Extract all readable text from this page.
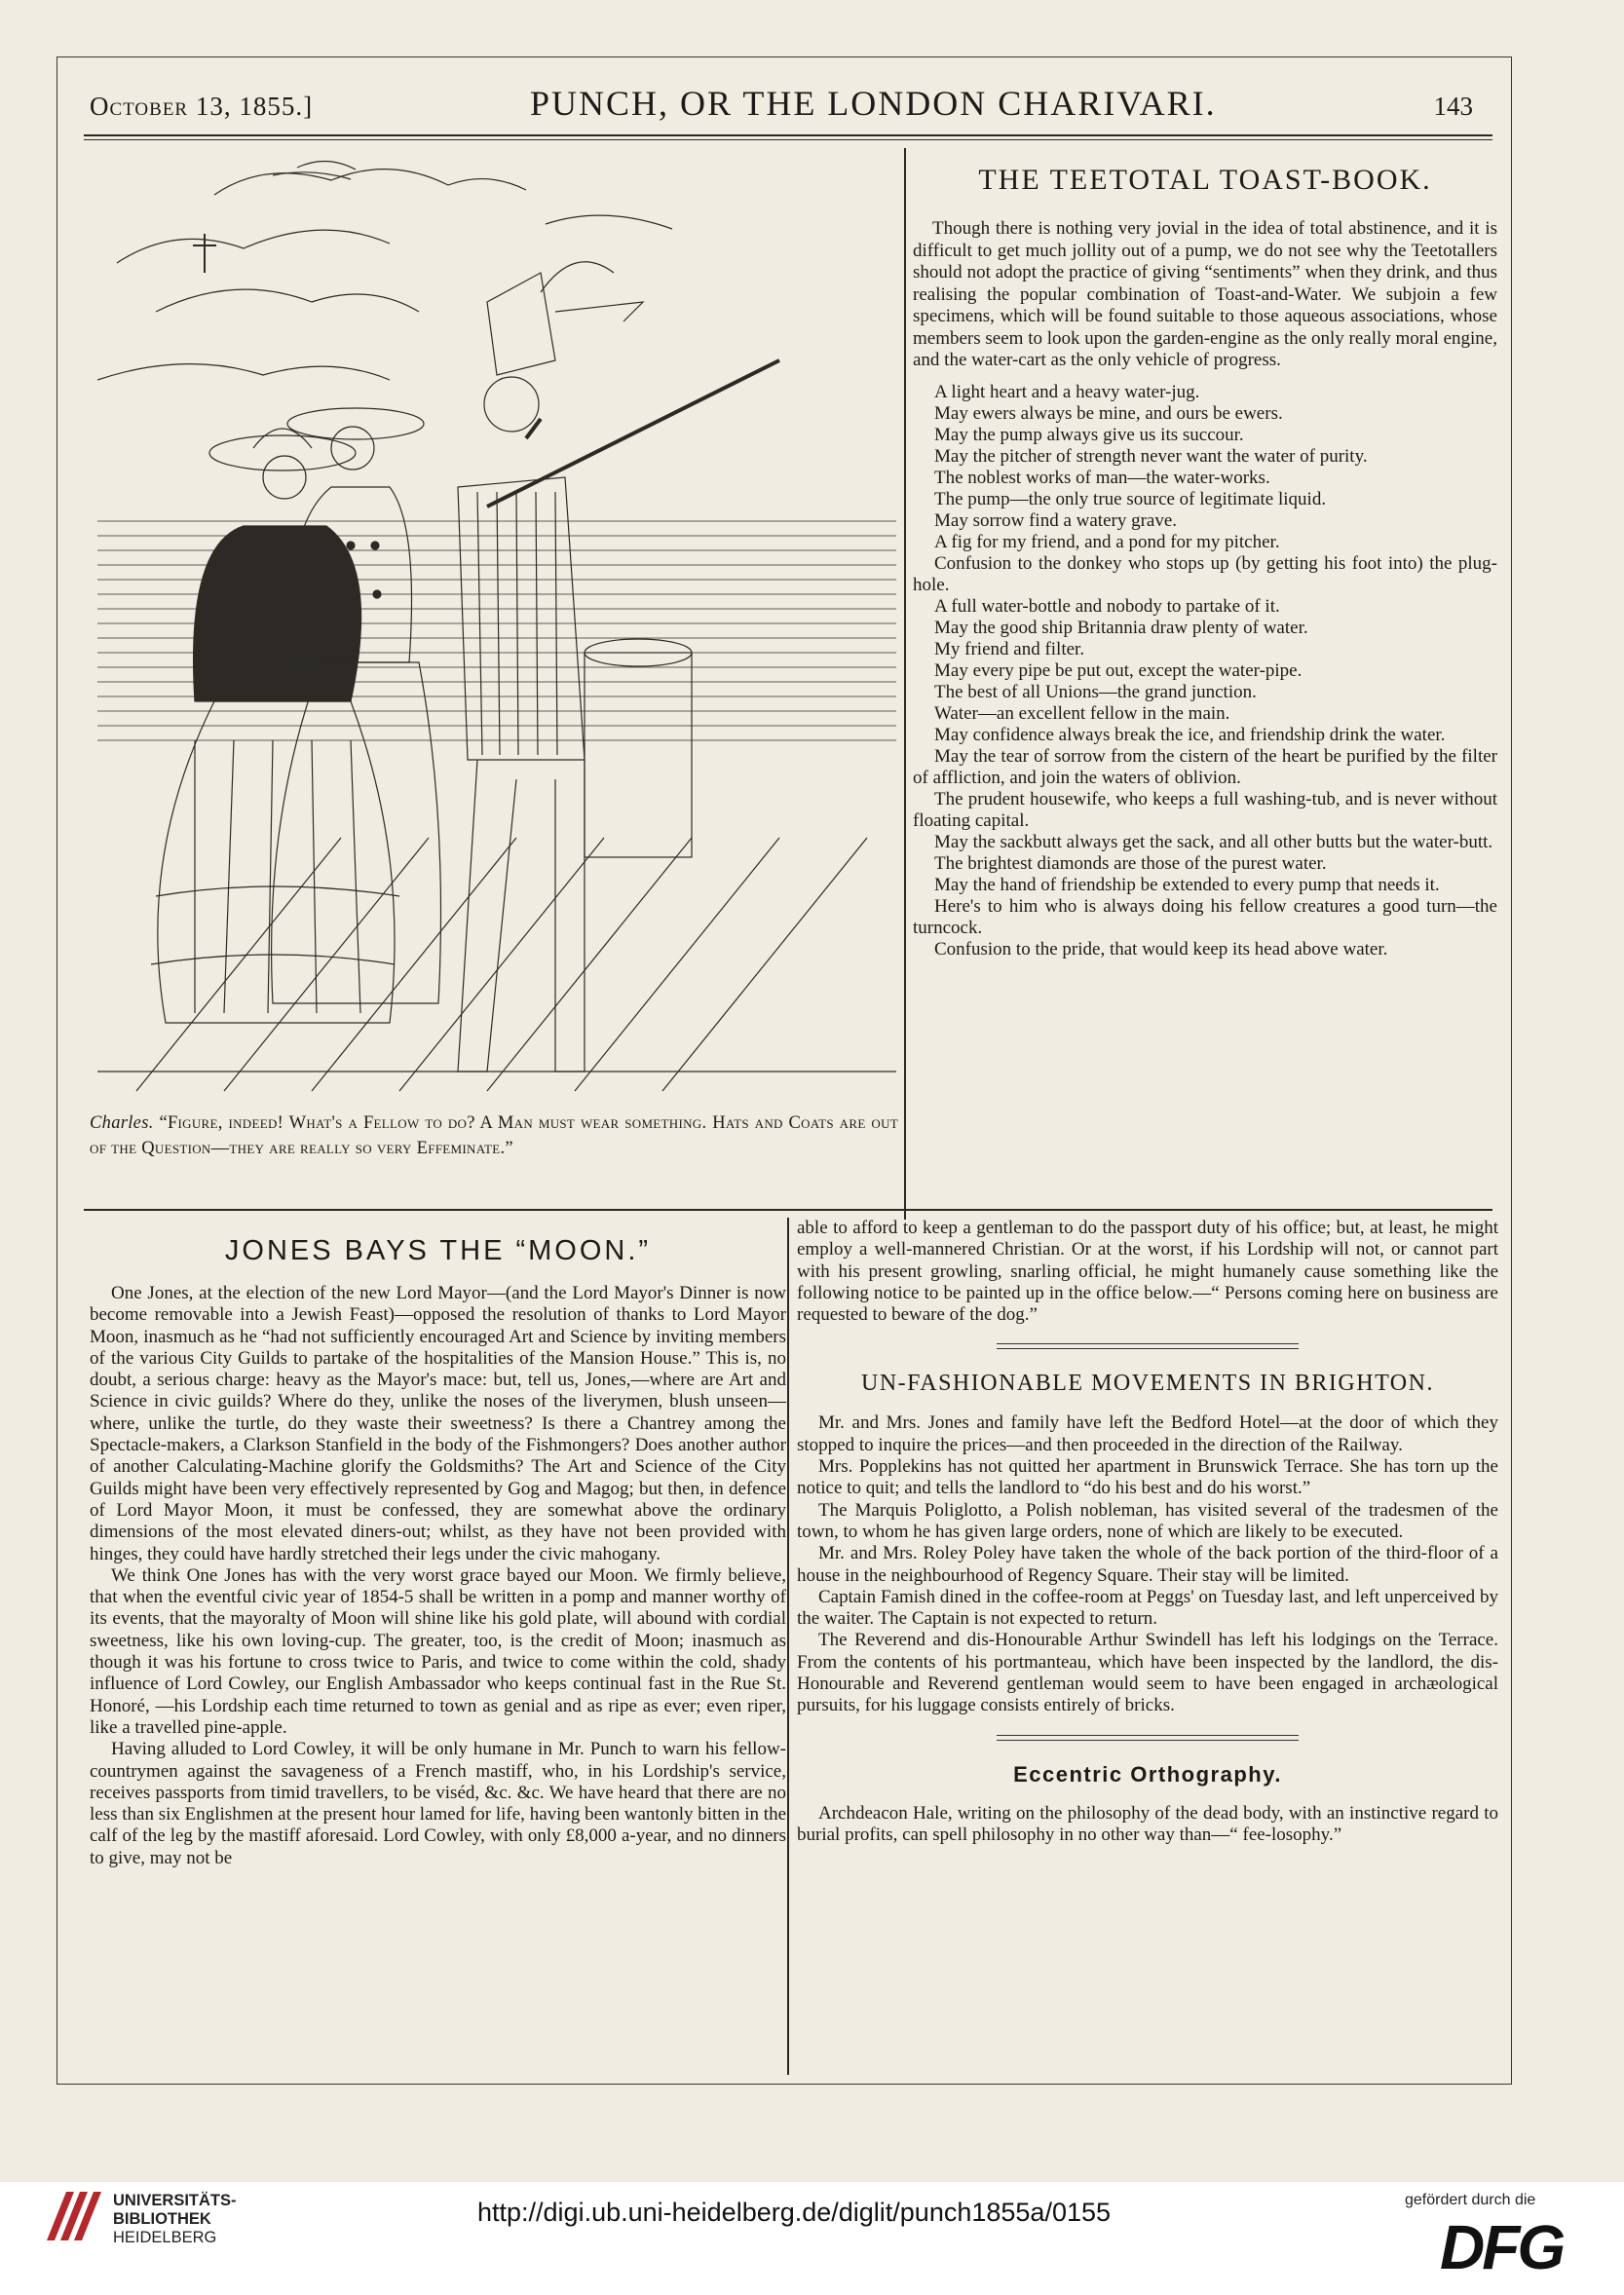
October 13, 1855.]	PUNCH, OR THE LONDON CHARIVARI.	143
Charles. “Figure, indeed! What's a Fellow to do? A Man must wear something. Hats and Coats are out of the Question—they are really so very Effeminate.”
THE TEETOTAL TOAST-BOOK.

Though there is nothing very jovial in the idea of total abstinence, and it is difficult to get much jollity out of a pump, we do not see why the Teetotallers should not adopt the practice of giving “sentiments” when they drink, and thus realising the popular combination of Toast-and-Water. We subjoin a few specimens, which will be found suitable to those aqueous associations, whose members seem to look upon the garden-engine as the only really moral engine, and the water-cart as the only vehicle of progress.

A light heart and a heavy water-jug.

May ewers always be mine, and ours be ewers.

May the pump always give us its succour.

May the pitcher of strength never want the water of purity.

The noblest works of man—the water-works.

The pump—the only true source of legitimate liquid.

May sorrow find a watery grave.

A fig for my friend, and a pond for my pitcher.

Confusion to the donkey who stops up (by getting his foot into) the plug-hole.

A full water-bottle and nobody to partake of it.

May the good ship Britannia draw plenty of water.

My friend and filter.

May every pipe be put out, except the water-pipe.

The best of all Unions—the grand junction.

Water—an excellent fellow in the main.

May confidence always break the ice, and friendship drink the water.

May the tear of sorrow from the cistern of the heart be purified by the filter of affliction, and join the waters of oblivion.

The prudent housewife, who keeps a full washing-tub, and is never without floating capital.

May the sackbutt always get the sack, and all other butts but the water-butt.

The brightest diamonds are those of the purest water.

May the hand of friendship be extended to every pump that needs it.

Here's to him who is always doing his fellow creatures a good turn—the turncock.

Confusion to the pride, that would keep its head above water.

JONES BAYS THE “MOON.”

One Jones, at the election of the new Lord Mayor—(and the Lord Mayor's Dinner is now become removable into a Jewish Feast)—opposed the resolution of thanks to Lord Mayor Moon, inasmuch as he “had not sufficiently encouraged Art and Science by inviting members of the various City Guilds to partake of the hospitalities of the Mansion House.” This is, no doubt, a serious charge: heavy as the Mayor's mace: but, tell us, Jones,—where are Art and Science in civic guilds? Where do they, unlike the noses of the liverymen, blush unseen—where, unlike the turtle, do they waste their sweetness? Is there a Chantrey among the Spectacle-makers, a Clarkson Stanfield in the body of the Fishmongers? Does another author of another Calculating-Machine glorify the Goldsmiths? The Art and Science of the City Guilds might have been very effectively represented by Gog and Magog; but then, in defence of Lord Mayor Moon, it must be confessed, they are somewhat above the ordinary dimensions of the most elevated diners-out; whilst, as they have not been provided with hinges, they could have hardly stretched their legs under the civic mahogany.

We think One Jones has with the very worst grace bayed our Moon. We firmly believe, that when the eventful civic year of 1854-5 shall be written in a pomp and manner worthy of its events, that the mayoralty of Moon will shine like his gold plate, will abound with cordial sweetness, like his own loving-cup. The greater, too, is the credit of Moon; inasmuch as though it was his fortune to cross twice to Paris, and twice to come within the cold, shady influence of Lord Cowley, our English Ambassador who keeps continual fast in the Rue St. Honoré, —his Lordship each time returned to town as genial and as ripe as ever; even riper, like a travelled pine-apple.

Having alluded to Lord Cowley, it will be only humane in Mr. Punch to warn his fellow-countrymen against the savageness of a French mastiff, who, in his Lordship's service, receives passports from timid travellers, to be viséd, &c. &c. We have heard that there are no less than six Englishmen at the present hour lamed for life, having been wantonly bitten in the calf of the leg by the mastiff aforesaid. Lord Cowley, with only £8,000 a-year, and no dinners to give, may not be

able to afford to keep a gentleman to do the passport duty of his office; but, at least, he might employ a well-mannered Christian. Or at the worst, if his Lordship will not, or cannot part with his present growling, snarling official, he might humanely cause something like the following notice to be painted up in the office below.—“ Persons coming here on business are requested to beware of the dog.”

UN-FASHIONABLE MOVEMENTS IN BRIGHTON.

Mr. and Mrs. Jones and family have left the Bedford Hotel—at the door of which they stopped to inquire the prices—and then proceeded in the direction of the Railway.

Mrs. Popplekins has not quitted her apartment in Brunswick Terrace. She has torn up the notice to quit; and tells the landlord to “do his best and do his worst.”

The Marquis Poliglotto, a Polish nobleman, has visited several of the tradesmen of the town, to whom he has given large orders, none of which are likely to be executed.

Mr. and Mrs. Roley Poley have taken the whole of the back portion of the third-floor of a house in the neighbourhood of Regency Square. Their stay will be limited.

Captain Famish dined in the coffee-room at Peggs' on Tuesday last, and left unperceived by the waiter. The Captain is not expected to return.

The Reverend and dis-Honourable Arthur Swindell has left his lodgings on the Terrace. From the contents of his portmanteau, which have been inspected by the landlord, the dis-Honourable and Reverend gentleman would seem to have been engaged in archæological pursuits, for his luggage consists entirely of bricks.

Eccentric Orthography.

Archdeacon Hale, writing on the philosophy of the dead body, with an instinctive regard to burial profits, can spell philosophy in no other way than—“ fee-losophy.”

UNIVERSITÄTS-
BIBLIOTHEK
HEIDELBERG
http://digi.ub.uni-heidelberg.de/diglit/punch1855a/0155	gefördert durch die
DFG
